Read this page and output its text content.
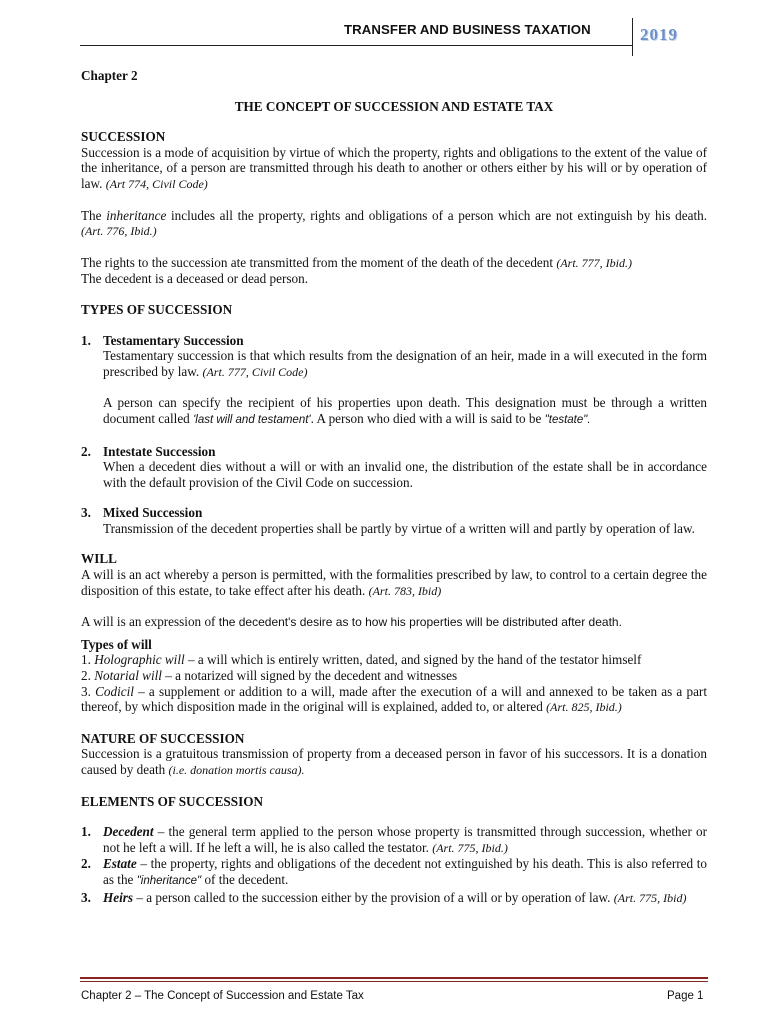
TRANSFER AND BUSINESS TAXATION	2019

Chapter 2

THE CONCEPT OF SUCCESSION AND ESTATE TAX

SUCCESSION

Succession is a mode of acquisition by virtue of which the property, rights and obligations to the extent of the value of the inheritance, of a person are transmitted through his death to another or others either by his will or by operation of law. (Art 774, Civil Code)

The inheritance includes all the property, rights and obligations of a person which are not extinguish by his death. (Art. 776, Ibid.)

The rights to the succession ate transmitted from the moment of the death of the decedent (Art. 777, Ibid.)
The decedent is a deceased or dead person.

TYPES OF SUCCESSION

1. Testamentary Succession

Testamentary succession is that which results from the designation of an heir, made in a will executed in the form prescribed by law. (Art. 777, Civil Code)

A person can specify the recipient of his properties upon death. This designation must be through a written document called 'last will and testament'. A person who died with a will is said to be "testate".

2. Intestate Succession

When a decedent dies without a will or with an invalid one, the distribution of the estate shall be in accordance with the default provision of the Civil Code on succession.

3. Mixed Succession

Transmission of the decedent properties shall be partly by virtue of a written will and partly by operation of law.

WILL

A will is an act whereby a person is permitted, with the formalities prescribed by law, to control to a certain degree the disposition of this estate, to take effect after his death. (Art. 783, Ibid)

A will is an expression of the decedent's desire as to how his properties will be distributed after death.

Types of will

1. Holographic will – a will which is entirely written, dated, and signed by the hand of the testator himself

2. Notarial will – a notarized will signed by the decedent and witnesses

3. Codicil – a supplement or addition to a will, made after the execution of a will and annexed to be taken as a part thereof, by which disposition made in the original will is explained, added to, or altered (Art. 825, Ibid.)

NATURE OF SUCCESSION

Succession is a gratuitous transmission of property from a deceased person in favor of his successors. It is a donation caused by death (i.e. donation mortis causa).

ELEMENTS OF SUCCESSION

1. Decedent – the general term applied to the person whose property is transmitted through succession, whether or not he left a will. If he left a will, he is also called the testator. (Art. 775, Ibid.)

2. Estate – the property, rights and obligations of the decedent not extinguished by his death. This is also referred to as the "inheritance" of the decedent.

3. Heirs – a person called to the succession either by the provision of a will or by operation of law. (Art. 775, Ibid)

Chapter 2 – The Concept of Succession and Estate Tax	Page 1
